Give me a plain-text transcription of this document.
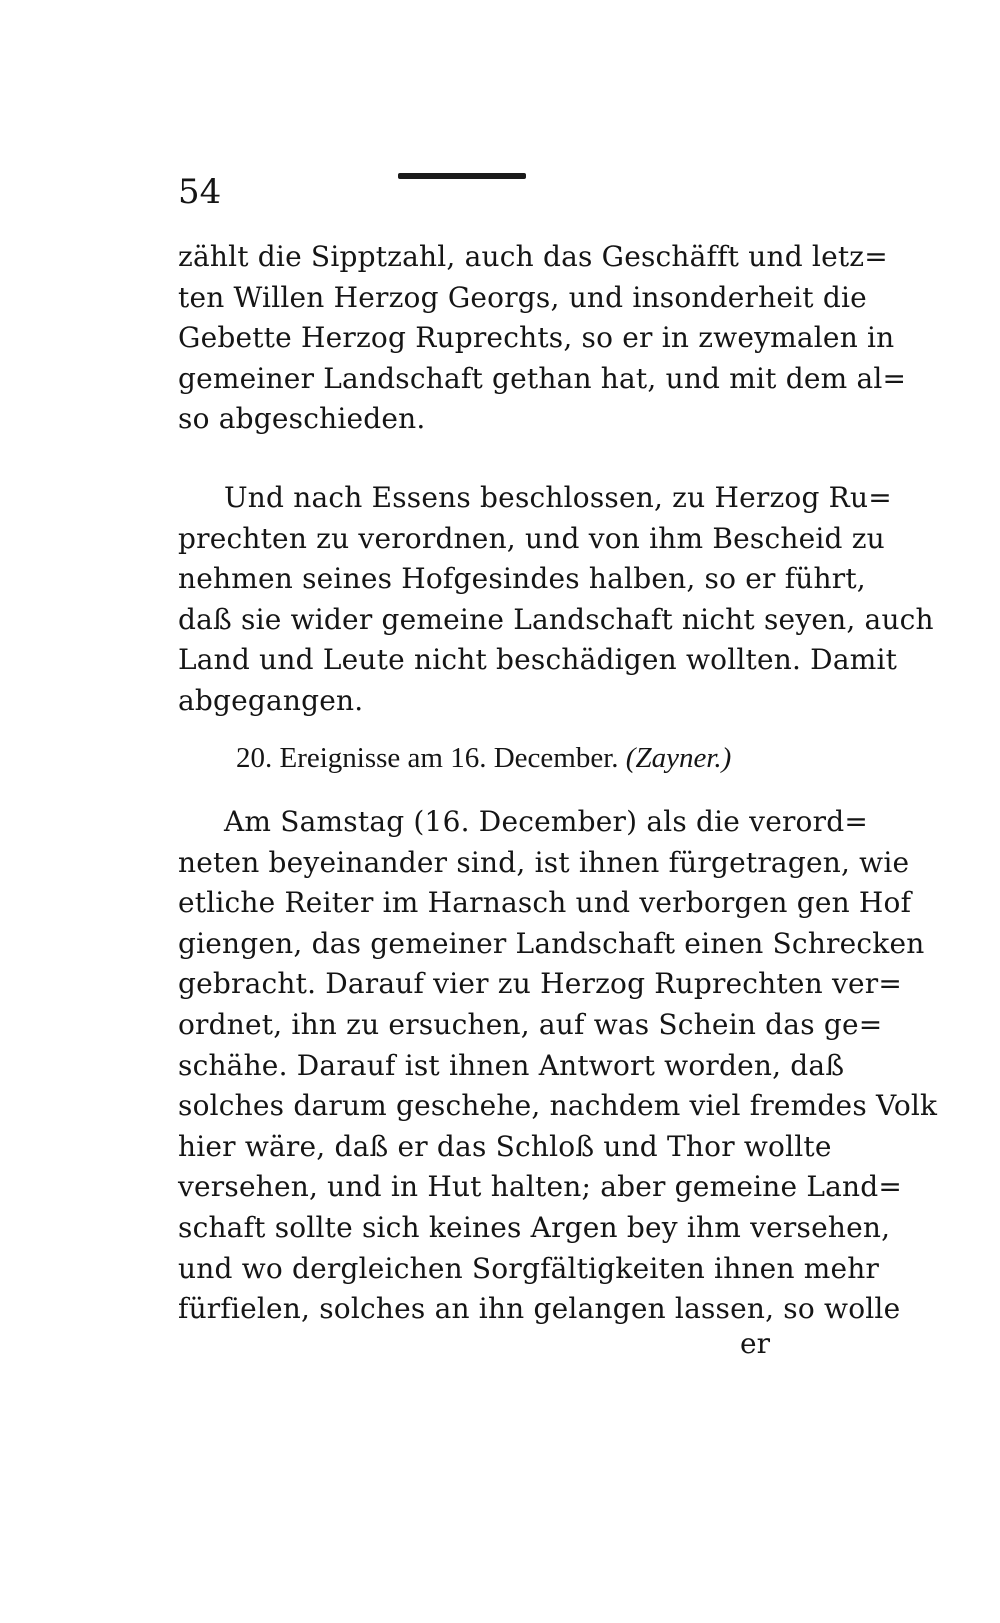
54
zählt die Sipptzahl, auch das Geschäfft und letz=
ten Willen Herzog Georgs, und insonderheit die
Gebette Herzog Ruprechts, so er in zweymalen in
gemeiner Landschaft gethan hat, und mit dem al=
so abgeschieden.
Und nach Essens beschlossen, zu Herzog Ru=
prechten zu verordnen, und von ihm Bescheid zu
nehmen seines Hofgesindes halben, so er führt,
daß sie wider gemeine Landschaft nicht seyen, auch
Land und Leute nicht beschädigen wollten. Damit
abgegangen.
20. Ereignisse am 16. December. (Zayner.)
Am Samstag (16. December) als die verord=
neten beyeinander sind, ist ihnen fürgetragen, wie
etliche Reiter im Harnasch und verborgen gen Hof
giengen, das gemeiner Landschaft einen Schrecken
gebracht. Darauf vier zu Herzog Ruprechten ver=
ordnet, ihn zu ersuchen, auf was Schein das ge=
schähe. Darauf ist ihnen Antwort worden, daß
solches darum geschehe, nachdem viel fremdes Volk
hier wäre, daß er das Schloß und Thor wollte
versehen, und in Hut halten; aber gemeine Land=
schaft sollte sich keines Argen bey ihm versehen,
und wo dergleichen Sorgfältigkeiten ihnen mehr
fürfielen, solches an ihn gelangen lassen, so wolle
er
